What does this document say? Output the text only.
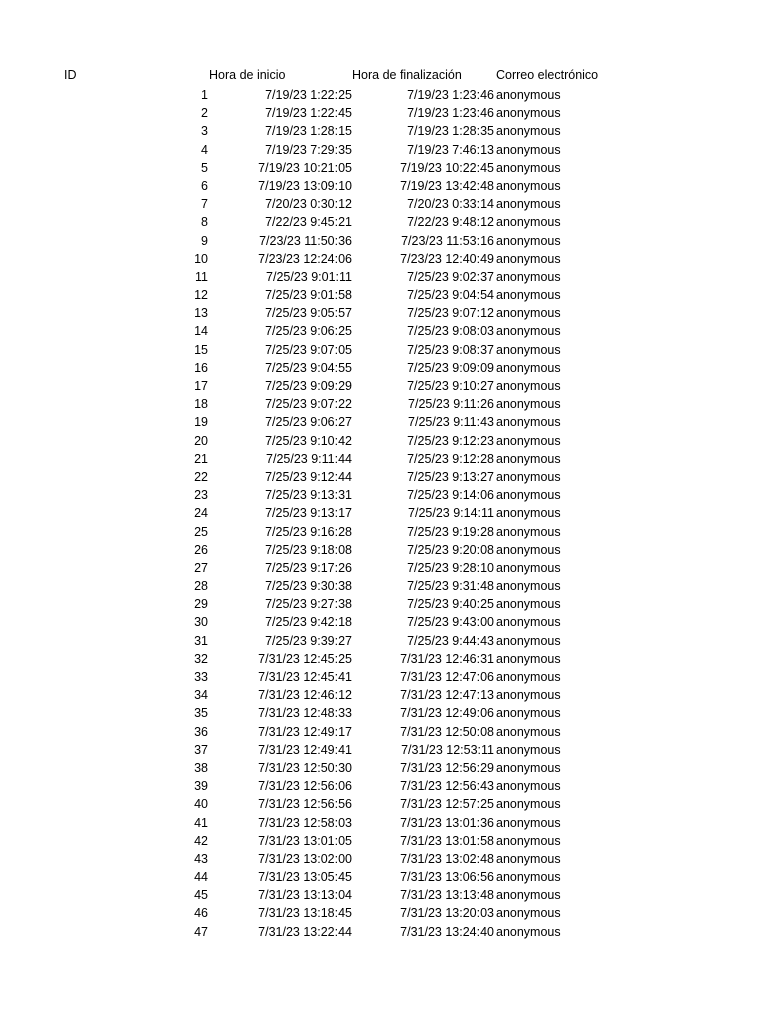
ID	Hora de inicio	Hora de finalización	Correo electrónico
1	7/19/23 1:22:25	7/19/23 1:23:46 anonymous
2	7/19/23 1:22:45	7/19/23 1:23:46 anonymous
3	7/19/23 1:28:15	7/19/23 1:28:35 anonymous
4	7/19/23 7:29:35	7/19/23 7:46:13 anonymous
5	7/19/23 10:21:05	7/19/23 10:22:45 anonymous
6	7/19/23 13:09:10	7/19/23 13:42:48 anonymous
7	7/20/23 0:30:12	7/20/23 0:33:14 anonymous
8	7/22/23 9:45:21	7/22/23 9:48:12 anonymous
9	7/23/23 11:50:36	7/23/23 11:53:16 anonymous
10	7/23/23 12:24:06	7/23/23 12:40:49 anonymous
11	7/25/23 9:01:11	7/25/23 9:02:37 anonymous
12	7/25/23 9:01:58	7/25/23 9:04:54 anonymous
13	7/25/23 9:05:57	7/25/23 9:07:12 anonymous
14	7/25/23 9:06:25	7/25/23 9:08:03 anonymous
15	7/25/23 9:07:05	7/25/23 9:08:37 anonymous
16	7/25/23 9:04:55	7/25/23 9:09:09 anonymous
17	7/25/23 9:09:29	7/25/23 9:10:27 anonymous
18	7/25/23 9:07:22	7/25/23 9:11:26 anonymous
19	7/25/23 9:06:27	7/25/23 9:11:43 anonymous
20	7/25/23 9:10:42	7/25/23 9:12:23 anonymous
21	7/25/23 9:11:44	7/25/23 9:12:28 anonymous
22	7/25/23 9:12:44	7/25/23 9:13:27 anonymous
23	7/25/23 9:13:31	7/25/23 9:14:06 anonymous
24	7/25/23 9:13:17	7/25/23 9:14:11 anonymous
25	7/25/23 9:16:28	7/25/23 9:19:28 anonymous
26	7/25/23 9:18:08	7/25/23 9:20:08 anonymous
27	7/25/23 9:17:26	7/25/23 9:28:10 anonymous
28	7/25/23 9:30:38	7/25/23 9:31:48 anonymous
29	7/25/23 9:27:38	7/25/23 9:40:25 anonymous
30	7/25/23 9:42:18	7/25/23 9:43:00 anonymous
31	7/25/23 9:39:27	7/25/23 9:44:43 anonymous
32	7/31/23 12:45:25	7/31/23 12:46:31 anonymous
33	7/31/23 12:45:41	7/31/23 12:47:06 anonymous
34	7/31/23 12:46:12	7/31/23 12:47:13 anonymous
35	7/31/23 12:48:33	7/31/23 12:49:06 anonymous
36	7/31/23 12:49:17	7/31/23 12:50:08 anonymous
37	7/31/23 12:49:41	7/31/23 12:53:11 anonymous
38	7/31/23 12:50:30	7/31/23 12:56:29 anonymous
39	7/31/23 12:56:06	7/31/23 12:56:43 anonymous
40	7/31/23 12:56:56	7/31/23 12:57:25 anonymous
41	7/31/23 12:58:03	7/31/23 13:01:36 anonymous
42	7/31/23 13:01:05	7/31/23 13:01:58 anonymous
43	7/31/23 13:02:00	7/31/23 13:02:48 anonymous
44	7/31/23 13:05:45	7/31/23 13:06:56 anonymous
45	7/31/23 13:13:04	7/31/23 13:13:48 anonymous
46	7/31/23 13:18:45	7/31/23 13:20:03 anonymous
47	7/31/23 13:22:44	7/31/23 13:24:40 anonymous
